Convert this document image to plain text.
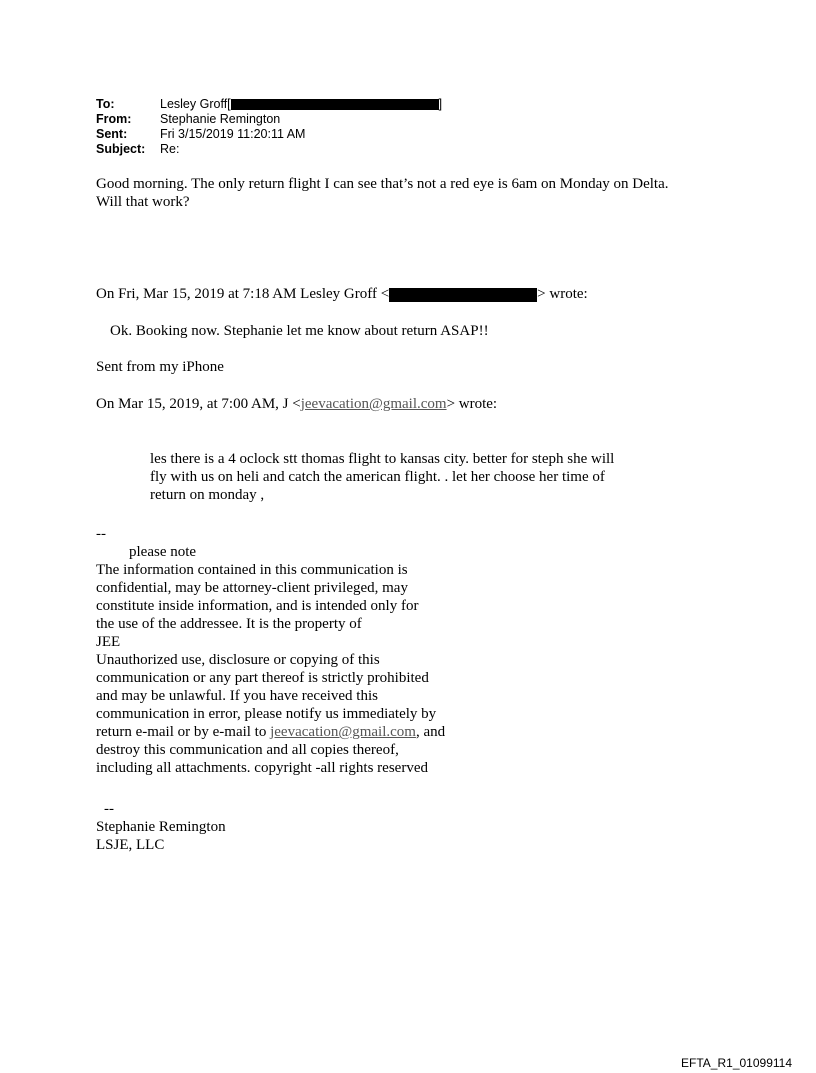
To:	Lesley Groff[	]
From:	Stephanie Remington
Sent:	Fri 3/15/2019 11:20:11 AM
Subject:	Re:
Good morning. The only return flight I can see that’s not a red eye is 6am on Monday on Delta.
Will that work?
On Fri, Mar 15, 2019 at 7:18 AM Lesley Groff <	> wrote:
Ok. Booking now. Stephanie let me know about return ASAP!!
Sent from my iPhone
On Mar 15, 2019, at 7:00 AM, J <jeevacation@gmail.com> wrote:
les there is a 4 oclock stt thomas flight to kansas city. better for steph she will
fly with us on heli and catch the american flight. . let her choose her time of
return on monday ,
--
please note
The information contained in this communication is
confidential, may be attorney-client privileged, may
constitute inside information, and is intended only for
the use of the addressee. It is the property of
JEE
Unauthorized use, disclosure or copying of this
communication or any part thereof is strictly prohibited
and may be unlawful. If you have received this
communication in error, please notify us immediately by
return e-mail or by e-mail to jeevacation@gmail.com, and
destroy this communication and all copies thereof,
including all attachments. copyright -all rights reserved
--
Stephanie Remington
LSJE, LLC
EFTA_R1_01099114
